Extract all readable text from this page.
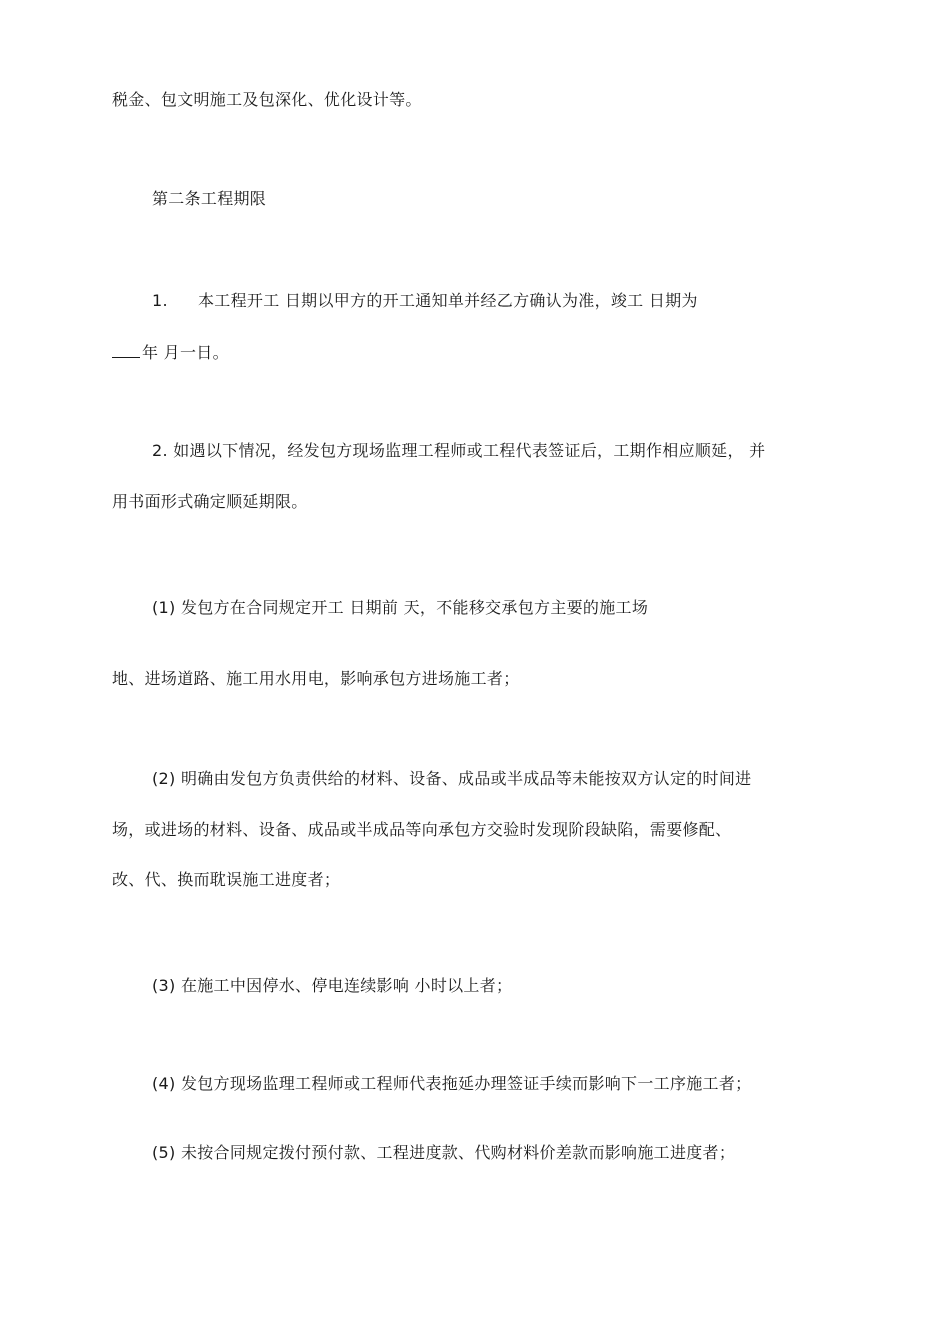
税金、包文明施工及包深化、优化设计等。
第二条工程期限
1. 本工程开工 日期以甲方的开工通知单并经乙方确认为准，竣工 日期为
年 月一日。
2. 如遇以下情况，经发包方现场监理工程师或工程代表签证后，工期作相应顺延， 并
用书面形式确定顺延期限。
(1) 发包方在合同规定开工 日期前 天，不能移交承包方主要的施工场
地、进场道路、施工用水用电，影响承包方进场施工者；
(2) 明确由发包方负责供给的材料、设备、成品或半成品等未能按双方认定的时间进
场，或进场的材料、设备、成品或半成品等向承包方交验时发现阶段缺陷，需要修配、
改、代、换而耽误施工进度者；
(3) 在施工中因停水、停电连续影响 小时以上者；
(4) 发包方现场监理工程师或工程师代表拖延办理签证手续而影响下一工序施工者；
(5) 未按合同规定拨付预付款、工程进度款、代购材料价差款而影响施工进度者；
